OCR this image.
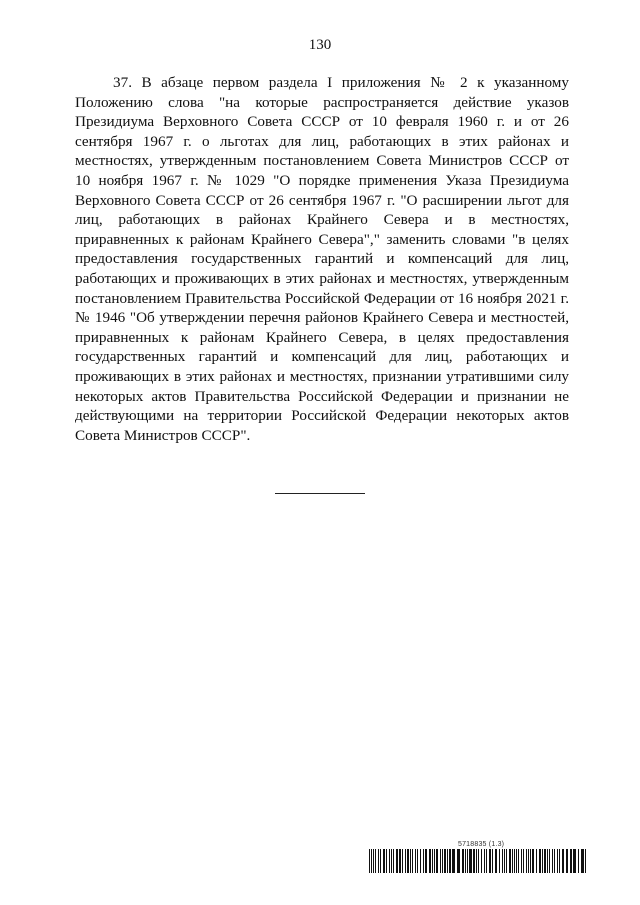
130

37. В абзаце первом раздела I приложения № 2 к указанному Положению слова "на которые распространяется действие указов Президиума Верховного Совета СССР от 10 февраля 1960 г. и от 26 сентября 1967 г. о льготах для лиц, работающих в этих районах и местностях, утвержденным постановлением Совета Министров СССР от 10 ноября 1967 г. № 1029 "О порядке применения Указа Президиума Верховного Совета СССР от 26 сентября 1967 г. "О расширении льгот для лиц, работающих в районах Крайнего Севера и в местностях, приравненных к районам Крайнего Севера"," заменить словами "в целях предоставления государственных гарантий и компенсаций для лиц, работающих и проживающих в этих районах и местностях, утвержденным постановлением Правительства Российской Федерации от 16 ноября 2021 г. № 1946 "Об утверждении перечня районов Крайнего Севера и местностей, приравненных к районам Крайнего Севера, в целях предоставления государственных гарантий и компенсаций для лиц, работающих и проживающих в этих районах и местностях, признании утратившими силу некоторых актов Правительства Российской Федерации и признании не действующими на территории Российской Федерации некоторых актов Совета Министров СССР".

5718835 (1.3)
